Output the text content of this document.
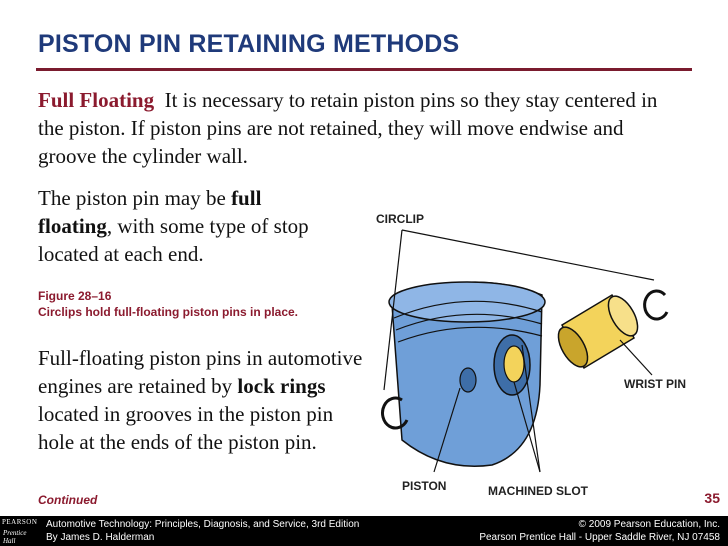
PISTON PIN RETAINING METHODS
Full Floating It is necessary to retain piston pins so they stay centered in the piston. If piston pins are not retained, they will move endwise and groove the cylinder wall.
The piston pin may be full floating, with some type of stop located at each end.
Figure 28–16
Circlips hold full-floating piston pins in place.
Full-floating piston pins in automotive engines are retained by lock rings located in grooves in the piston pin hole at the ends of the piston pin.
CIRCLIP
WRIST PIN
PISTON	MACHINED SLOT
Continued	35
PEARSON
Prentice Hall
Automotive Technology: Principles, Diagnosis, and Service, 3rd Edition
By James D. Halderman
© 2009 Pearson Education, Inc.
Pearson Prentice Hall - Upper Saddle River, NJ 07458
